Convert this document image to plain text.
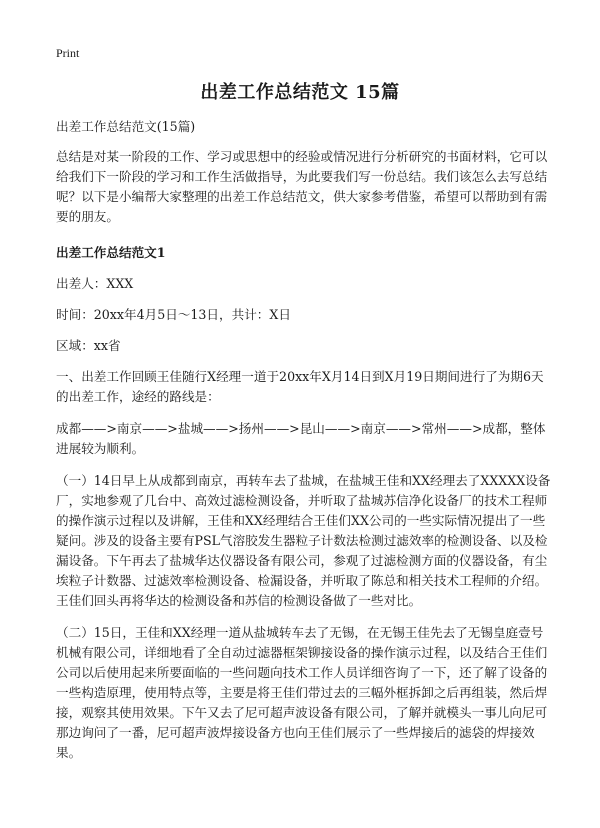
Print
出差工作总结范文 15篇

出差工作总结范文(15篇)

总结是对某一阶段的工作、学习或思想中的经验或情况进行分析研究的书面材料，它可以给我们下一阶段的学习和工作生活做指导，为此要我们写一份总结。我们该怎么去写总结呢？以下是小编帮大家整理的出差工作总结范文，供大家参考借鉴，希望可以帮助到有需要的朋友。

出差工作总结范文1

出差人：XXX

时间：20xx年4月5日～13日，共计：X日

区域：xx省

一、出差工作回顾王佳随行X经理一道于20xx年X月14日到X月19日期间进行了为期6天的出差工作，途经的路线是：

成都——>南京——>盐城——>扬州——>昆山——>南京——>常州——>成都，整体进展较为顺利。

（一）14日早上从成都到南京，再转车去了盐城，在盐城王佳和XX经理去了XXXXX设备厂，实地参观了几台中、高效过滤检测设备，并听取了盐城苏信净化设备厂的技术工程师的操作演示过程以及讲解，王佳和XX经理结合王佳们XX公司的一些实际情况提出了一些疑问。涉及的设备主要有PSL气溶胶发生器粒子计数法检测过滤效率的检测设备、以及检漏设备。下午再去了盐城华达仪器设备有限公司，参观了过滤检测方面的仪器设备，有尘埃粒子计数器、过滤效率检测设备、检漏设备，并听取了陈总和相关技术工程师的介绍。王佳们回头再将华达的检测设备和苏信的检测设备做了一些对比。

（二）15日，王佳和XX经理一道从盐城转车去了无锡，在无锡王佳先去了无锡皇庭壹号机械有限公司，详细地看了全自动过滤器框架铆接设备的操作演示过程，以及结合王佳们公司以后使用起来所要面临的一些问题向技术工作人员详细咨询了一下，还了解了设备的一些构造原理，使用特点等，主要是将王佳们带过去的三幅外框拆卸之后再组装，然后焊接，观察其使用效果。下午又去了尼可超声波设备有限公司，了解并就模头一事儿向尼可那边询问了一番，尼可超声波焊接设备方也向王佳们展示了一些焊接后的滤袋的焊接效果。
